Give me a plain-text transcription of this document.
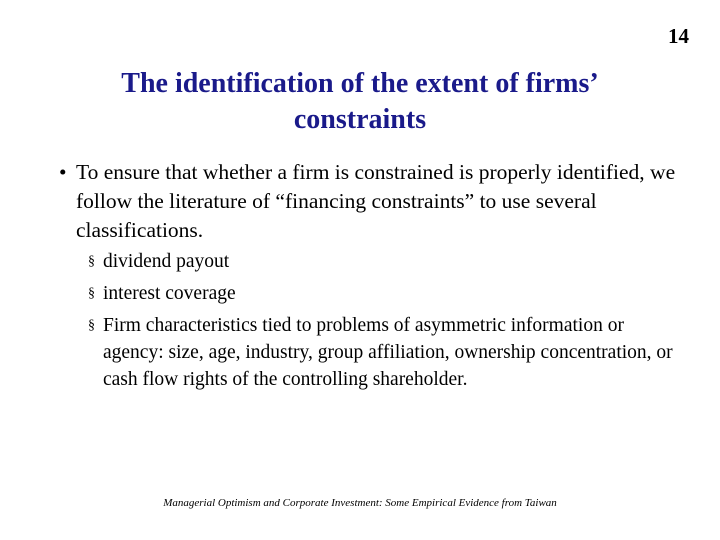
14
The identification of the extent of firms’
constraints
• To ensure that whether a firm is constrained is properly identified, we follow the literature of “financing constraints” to use several classifications.
§ dividend payout
§ interest coverage
§ Firm characteristics tied to problems of asymmetric information or agency: size, age, industry, group affiliation, ownership concentration, or cash flow rights of the controlling shareholder.
Managerial Optimism and Corporate Investment: Some Empirical Evidence from Taiwan
